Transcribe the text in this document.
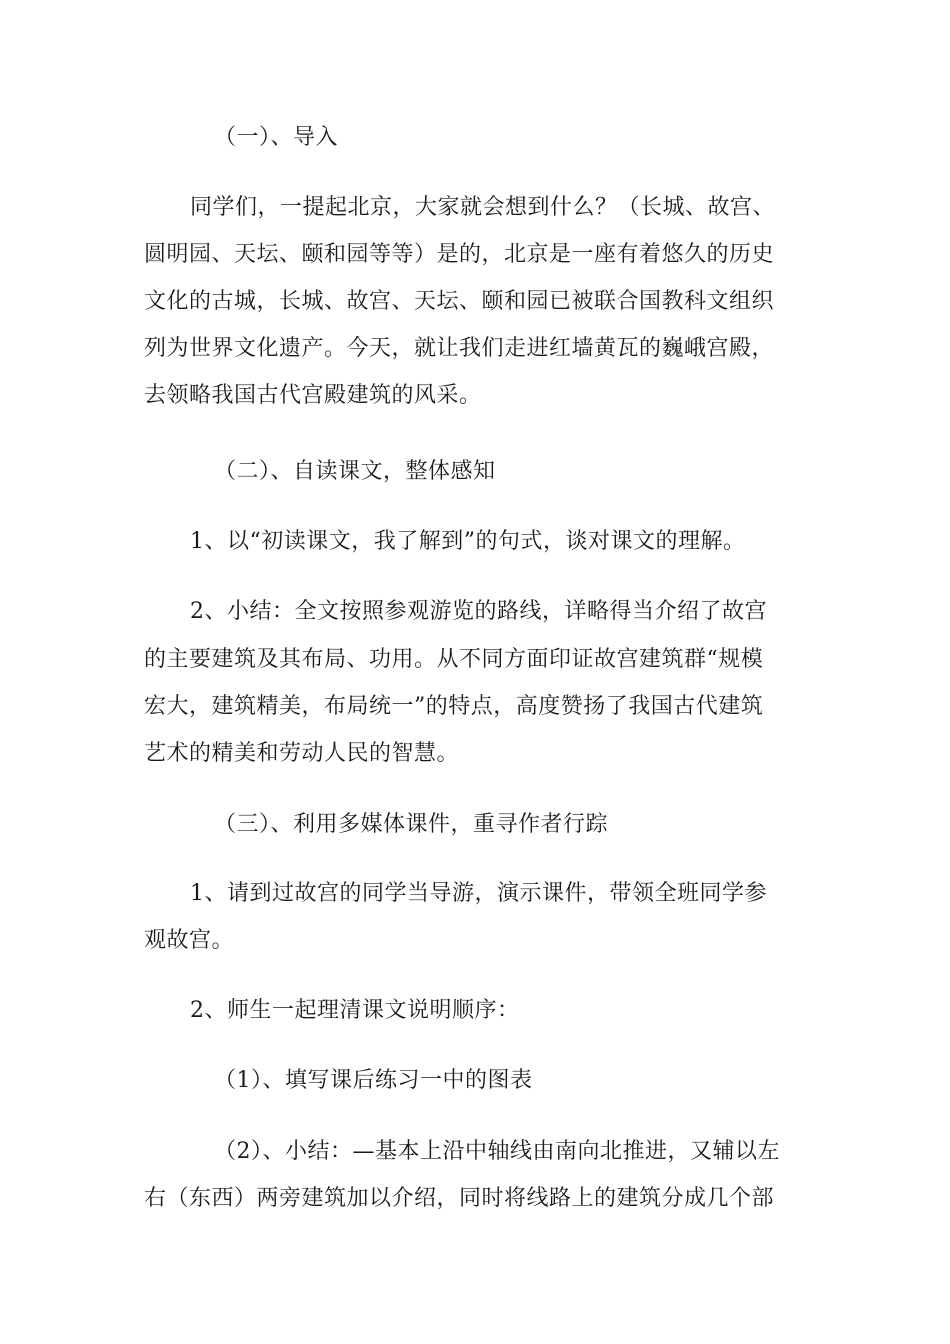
（一）、导入
同学们，一提起北京，大家就会想到什么？（长城、故宫、
圆明园、天坛、颐和园等等）是的，北京是一座有着悠久的历史
文化的古城，长城、故宫、天坛、颐和园已被联合国教科文组织
列为世界文化遗产。今天，就让我们走进红墙黄瓦的巍峨宫殿，
去领略我国古代宫殿建筑的风采。
（二）、自读课文，整体感知
1、以“初读课文，我了解到”的句式，谈对课文的理解。
2、小结：全文按照参观游览的路线，详略得当介绍了故宫
的主要建筑及其布局、功用。从不同方面印证故宫建筑群“规模
宏大，建筑精美，布局统一”的特点，高度赞扬了我国古代建筑
艺术的精美和劳动人民的智慧。
（三）、利用多媒体课件，重寻作者行踪
1、请到过故宫的同学当导游，演示课件，带领全班同学参
观故宫。
2、师生一起理清课文说明顺序：
（1）、填写课后练习一中的图表
（2）、小结：—基本上沿中轴线由南向北推进，又辅以左
右（东西）两旁建筑加以介绍，同时将线路上的建筑分成几个部
